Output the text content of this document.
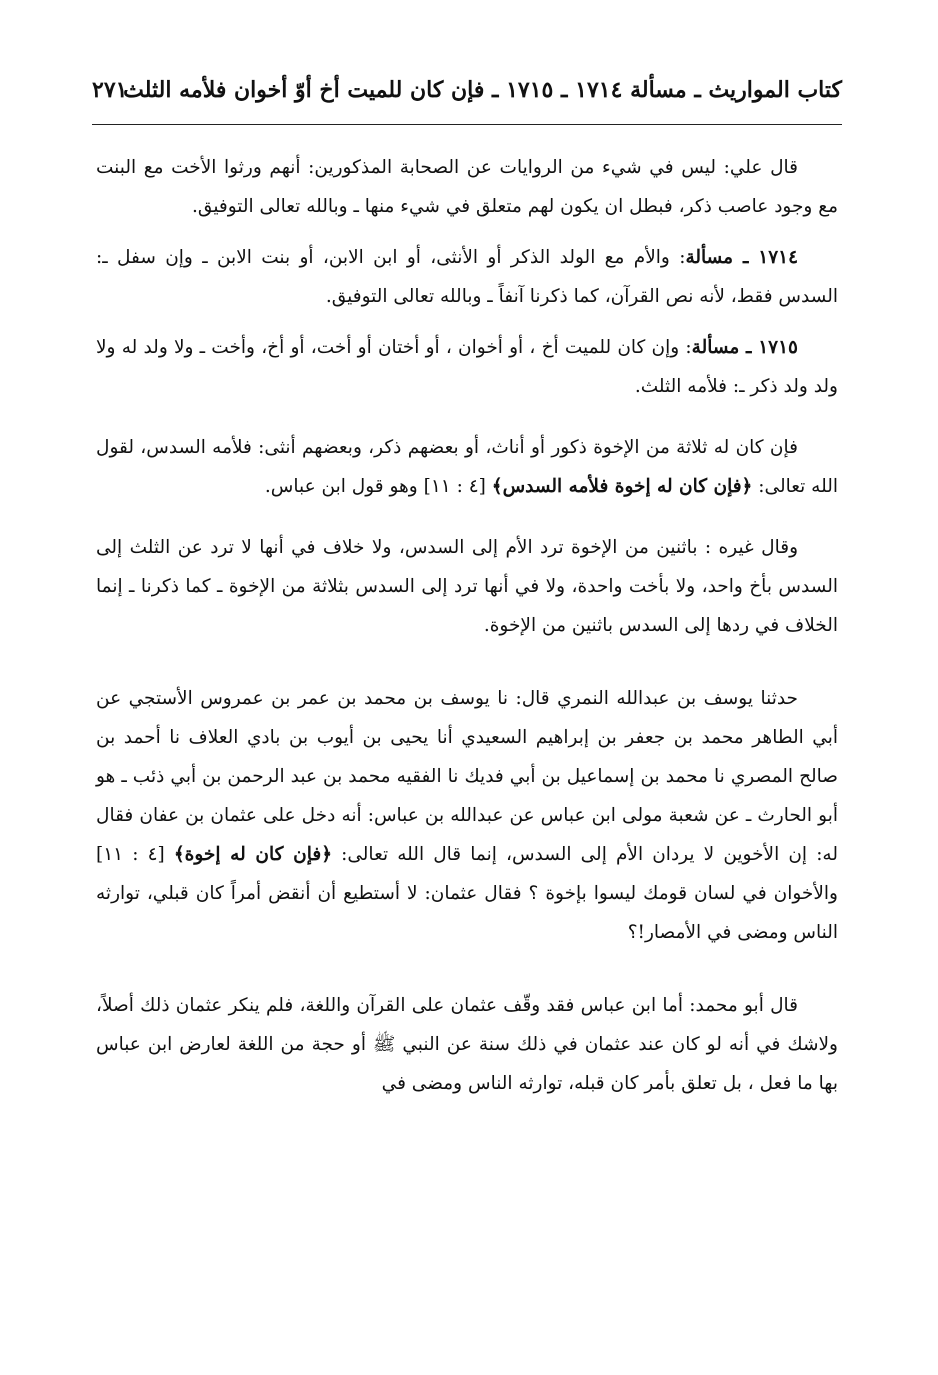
كتاب المواريث ـ مسألة ١٧١٤ ـ ١٧١٥ ـ فإن كان للميت أخ أوّ أخوان فلأمه الثلث
٢٧١

قال علي: ليس في شيء من الروايات عن الصحابة المذكورين: أنهم ورثوا الأخت مع البنت مع وجود عاصب ذكر، فبطل ان يكون لهم متعلق في شيء منها ـ وبالله تعالى التوفيق.

١٧١٤ ـ مسألة: والأم مع الولد الذكر أو الأنثى، أو ابن الابن، أو بنت الابن ـ وإن سفل ـ: السدس فقط، لأنه نص القرآن، كما ذكرنا آنفاً ـ وبالله تعالى التوفيق.

١٧١٥ ـ مسألة: وإن كان للميت أخ ، أو أخوان ، أو أختان أو أخت، أو أخ، وأخت ـ ولا ولد له ولا ولد ولد ذكر ـ: فلأمه الثلث.

فإن كان له ثلاثة من الإخوة ذكور أو أناث، أو بعضهم ذكر، وبعضهم أنثى: فلأمه السدس، لقول الله تعالى: ﴿فإن كان له إخوة فلأمه السدس﴾ [٤ : ١١] وهو قول ابن عباس.

وقال غيره : باثنين من الإخوة ترد الأم إلى السدس، ولا خلاف في أنها لا ترد عن الثلث إلى السدس بأخ واحد، ولا بأخت واحدة، ولا في أنها ترد إلى السدس بثلاثة من الإخوة ـ كما ذكرنا ـ إنما الخلاف في ردها إلى السدس باثنين من الإخوة.

حدثنا يوسف بن عبدالله النمري قال: نا يوسف بن محمد بن عمر بن عمروس الأستجي عن أبي الطاهر محمد بن جعفر بن إبراهيم السعيدي أنا يحيى بن أيوب بن بادي العلاف نا أحمد بن صالح المصري نا محمد بن إسماعيل بن أبي فديك نا الفقيه محمد بن عبد الرحمن بن أبي ذئب ـ هو أبو الحارث ـ عن شعبة مولى ابن عباس عن عبدالله بن عباس: أنه دخل على عثمان بن عفان فقال له: إن الأخوين لا يردان الأم إلى السدس، إنما قال الله تعالى: ﴿فإن كان له إخوة﴾ [٤ : ١١] والأخوان في لسان قومك ليسوا بإخوة ؟ فقال عثمان: لا أستطيع أن أنقض أمراً كان قبلي، توارثه الناس ومضى في الأمصار!؟

قال أبو محمد: أما ابن عباس فقد وقّف عثمان على القرآن واللغة، فلم ينكر عثمان ذلك أصلاً، ولاشك في أنه لو كان عند عثمان في ذلك سنة عن النبي ﷺ أو حجة من اللغة لعارض ابن عباس بها ما فعل ، بل تعلق بأمر كان قبله، توارثه الناس ومضى في
